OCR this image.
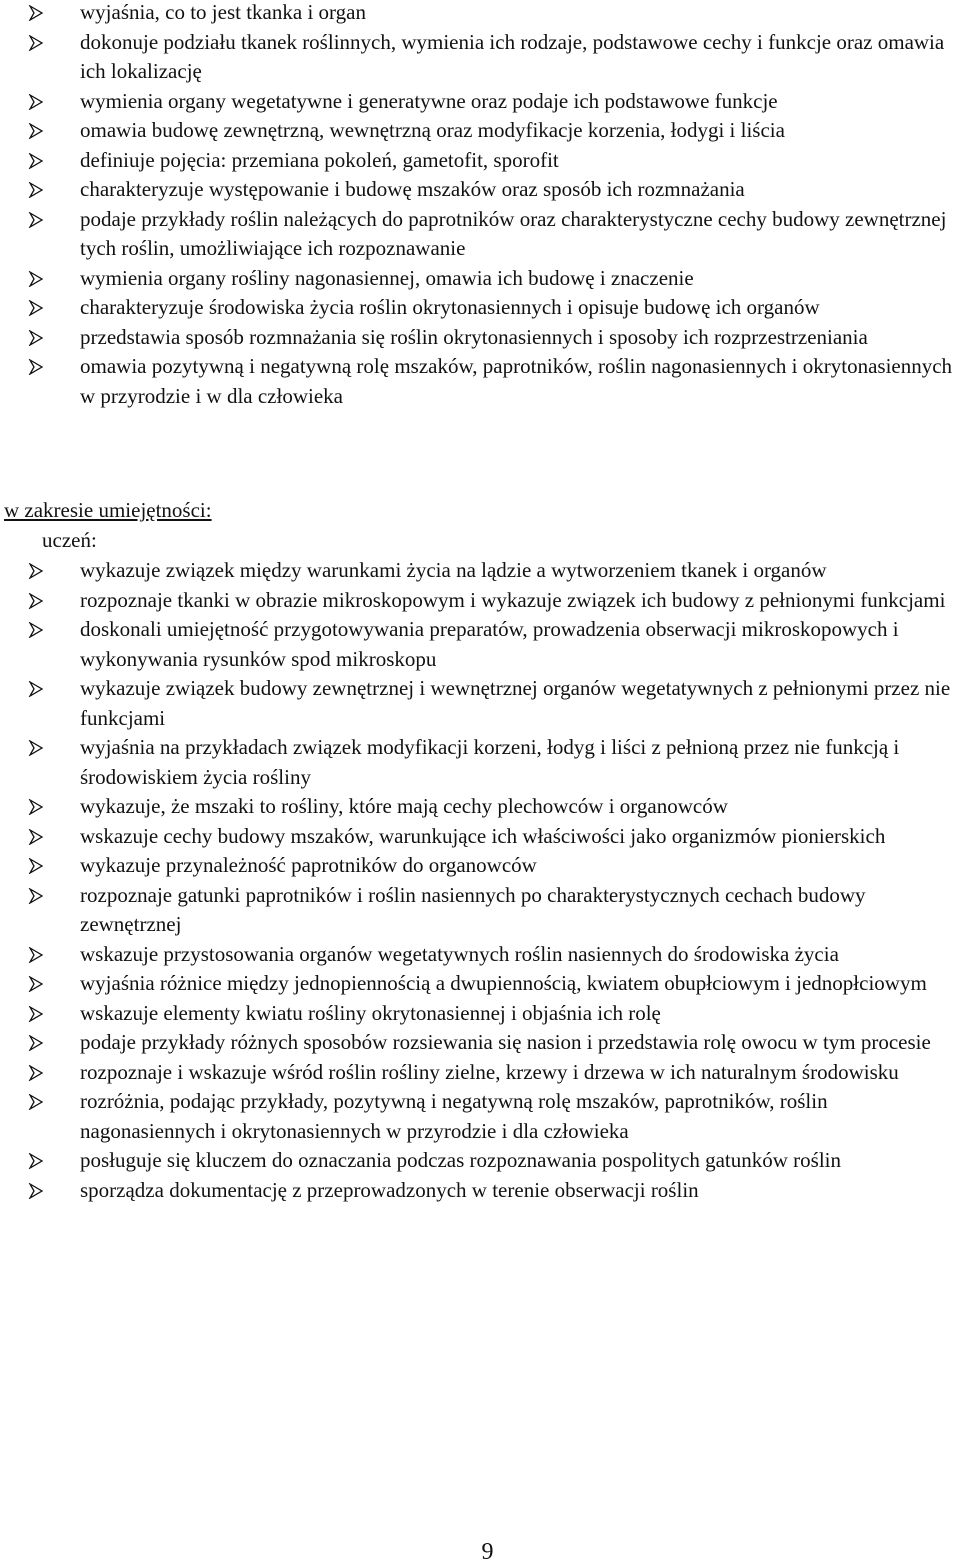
wyjaśnia, co to jest tkanka i organ
dokonuje podziału tkanek roślinnych, wymienia ich rodzaje, podstawowe cechy i funkcje oraz omawia ich lokalizację
wymienia organy wegetatywne i generatywne oraz podaje ich podstawowe funkcje
omawia budowę zewnętrzną, wewnętrzną oraz modyfikacje korzenia, łodygi i liścia
definiuje pojęcia: przemiana pokoleń, gametofit, sporofit
charakteryzuje występowanie i budowę mszaków oraz sposób ich rozmnażania
podaje przykłady roślin należących do paprotników oraz charakterystyczne cechy budowy zewnętrznej tych roślin, umożliwiające ich rozpoznawanie
wymienia organy rośliny nagonasiennej, omawia ich budowę i znaczenie
charakteryzuje środowiska życia roślin okrytonasiennych i opisuje budowę ich organów
przedstawia sposób rozmnażania się roślin okrytonasiennych i sposoby ich rozprzestrzeniania
omawia pozytywną i negatywną rolę mszaków, paprotników, roślin nagonasiennych i okrytonasiennych w przyrodzie i w dla człowieka
w zakresie umiejętności:
uczeń:
wykazuje związek między warunkami życia na lądzie a wytworzeniem tkanek i organów
rozpoznaje tkanki w obrazie mikroskopowym i wykazuje związek ich budowy z pełnionymi funkcjami
doskonali umiejętność przygotowywania preparatów, prowadzenia obserwacji mikroskopowych i wykonywania rysunków spod mikroskopu
wykazuje związek budowy zewnętrznej i wewnętrznej organów wegetatywnych z pełnionymi przez nie funkcjami
wyjaśnia na przykładach związek modyfikacji korzeni, łodyg i liści z pełnioną przez nie funkcją i środowiskiem życia rośliny
wykazuje, że mszaki to rośliny, które mają cechy plechowców i organowców
wskazuje cechy budowy mszaków, warunkujące ich właściwości jako organizmów pionierskich
wykazuje przynależność paprotników do organowców
rozpoznaje gatunki paprotników i roślin nasiennych po charakterystycznych cechach budowy zewnętrznej
wskazuje przystosowania organów wegetatywnych roślin nasiennych do środowiska życia
wyjaśnia różnice między jednopiennością a dwupiennością, kwiatem obupłciowym i jednopłciowym
wskazuje elementy kwiatu rośliny okrytonasiennej i objaśnia ich rolę
podaje przykłady różnych sposobów rozsiewania się nasion i przedstawia rolę owocu w tym procesie
rozpoznaje i wskazuje wśród roślin rośliny zielne, krzewy i drzewa w ich naturalnym środowisku
rozróżnia, podając przykłady, pozytywną i negatywną rolę mszaków, paprotników, roślin nagonasiennych i okrytonasiennych w przyrodzie i dla człowieka
posługuje się kluczem do oznaczania podczas rozpoznawania pospolitych gatunków roślin
sporządza dokumentację z przeprowadzonych w terenie obserwacji roślin
9
